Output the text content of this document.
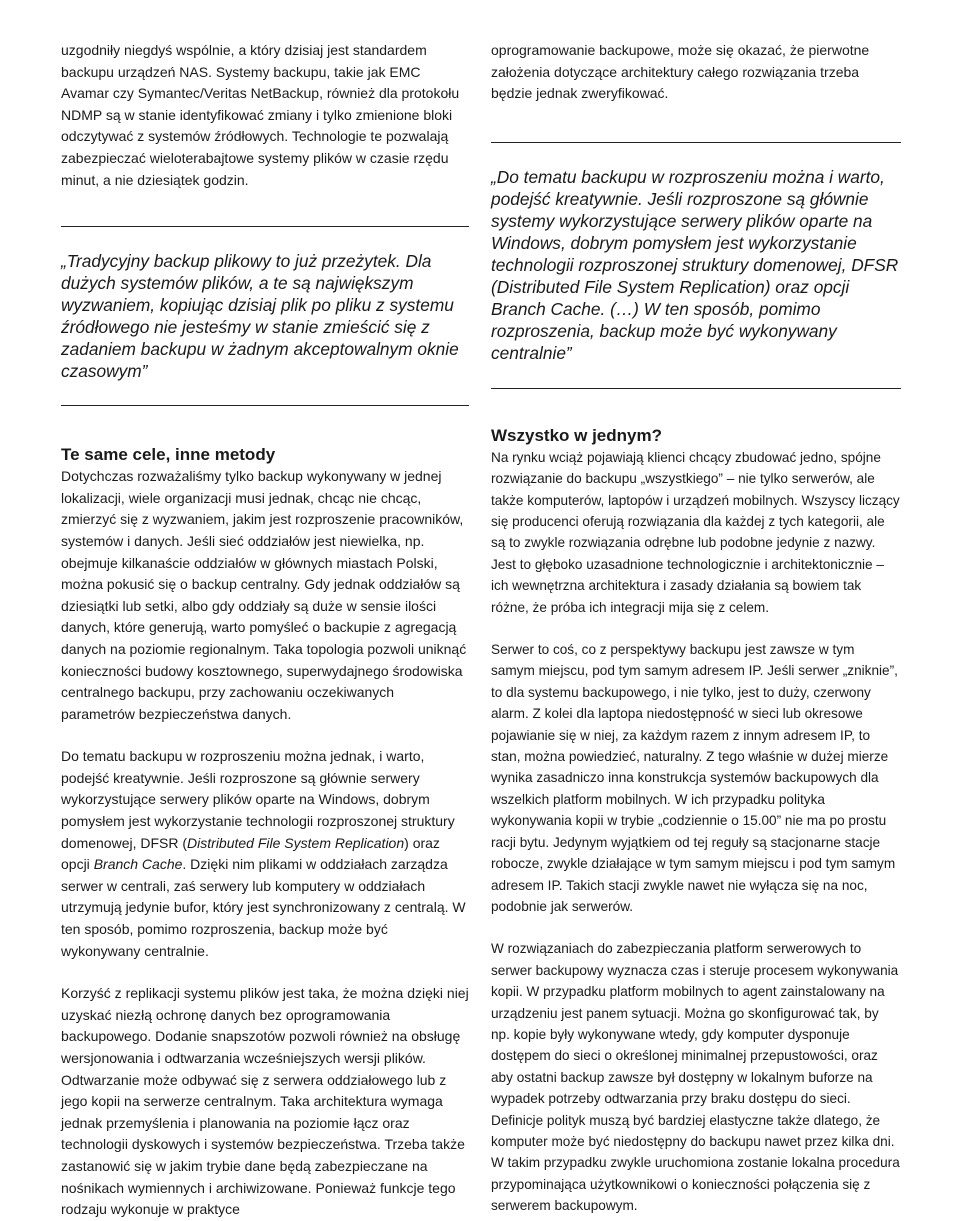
uzgodniły niegdyś wspólnie, a który dzisiaj jest standardem backupu urządzeń NAS. Systemy backupu, takie jak EMC Avamar czy Symantec/Veritas NetBackup, również dla protokołu NDMP są w stanie identyfikować zmiany i tylko zmienione bloki odczytywać z systemów źródłowych. Technologie te pozwalają zabezpieczać wieloterabajtowe systemy plików w czasie rzędu minut, a nie dziesiątek godzin.

„Tradycyjny backup plikowy to już przeżytek. Dla dużych systemów plików, a te są największym wyzwaniem, kopiując dzisiaj plik po pliku z systemu źródłowego nie jesteśmy w stanie zmieścić się z zadaniem backupu w żadnym akceptowalnym oknie czasowym”

Te same cele, inne metody

Dotychczas rozważaliśmy tylko backup wykonywany w jednej lokalizacji, wiele organizacji musi jednak, chcąc nie chcąc, zmierzyć się z wyzwaniem, jakim jest rozproszenie pracowników, systemów i danych. Jeśli sieć oddziałów jest niewielka, np. obejmuje kilkanaście oddziałów w głównych miastach Polski, można pokusić się o backup centralny. Gdy jednak oddziałów są dziesiątki lub setki, albo gdy oddziały są duże w sensie ilości danych, które generują, warto pomyśleć o backupie z agregacją danych na poziomie regionalnym. Taka topologia pozwoli uniknąć konieczności budowy kosztownego, superwydajnego środowiska centralnego backupu, przy zachowaniu oczekiwanych parametrów bezpieczeństwa danych.

Do tematu backupu w rozproszeniu można jednak, i warto, podejść kreatywnie. Jeśli rozproszone są głównie serwery wykorzystujące serwery plików oparte na Windows, dobrym pomysłem jest wykorzystanie technologii rozproszonej struktury domenowej, DFSR (Distributed File System Replication) oraz opcji Branch Cache. Dzięki nim plikami w oddziałach zarządza serwer w centrali, zaś serwery lub komputery w oddziałach utrzymują jedynie bufor, który jest synchronizowany z centralą. W ten sposób, pomimo rozproszenia, backup może być wykonywany centralnie.

Korzyść z replikacji systemu plików jest taka, że można dzięki niej uzyskać niezłą ochronę danych bez oprogramowania backupowego. Dodanie snapszotów pozwoli również na obsługę wersjonowania i odtwarzania wcześniejszych wersji plików. Odtwarzanie może odbywać się z serwera oddziałowego lub z jego kopii na serwerze centralnym. Taka architektura wymaga jednak przemyślenia i planowania na poziomie łącz oraz technologii dyskowych i systemów bezpieczeństwa. Trzeba także zastanowić się w jakim trybie dane będą zabezpieczane na nośnikach wymiennych i archiwizowane. Ponieważ funkcje tego rodzaju wykonuje w praktyce

oprogramowanie backupowe, może się okazać, że pierwotne założenia dotyczące architektury całego rozwiązania trzeba będzie jednak zweryfikować.

„Do tematu backupu w rozproszeniu można i warto, podejść kreatywnie. Jeśli rozproszone są głównie systemy wykorzystujące serwery plików oparte na Windows, dobrym pomysłem jest wykorzystanie technologii rozproszonej struktury domenowej, DFSR (Distributed File System Replication) oraz opcji Branch Cache. (…) W ten sposób, pomimo rozproszenia, backup może być wykonywany centralnie”

Wszystko w jednym?

Na rynku wciąż pojawiają klienci chcący zbudować jedno, spójne rozwiązanie do backupu „wszystkiego” – nie tylko serwerów, ale także komputerów, laptopów i urządzeń mobilnych. Wszyscy liczący się producenci oferują rozwiązania dla każdej z tych kategorii, ale są to zwykle rozwiązania odrębne lub podobne jedynie z nazwy. Jest to głęboko uzasadnione technologicznie i architektonicznie – ich wewnętrzna architektura i zasady działania są bowiem tak różne, że próba ich integracji mija się z celem.

Serwer to coś, co z perspektywy backupu jest zawsze w tym samym miejscu, pod tym samym adresem IP. Jeśli serwer „zniknie”, to dla systemu backupowego, i nie tylko, jest to duży, czerwony alarm. Z kolei dla laptopa niedostępność w sieci lub okresowe pojawianie się w niej, za każdym razem z innym adresem IP, to stan, można powiedzieć, naturalny. Z tego właśnie w dużej mierze wynika zasadniczo inna konstrukcja systemów backupowych dla wszelkich platform mobilnych. W ich przypadku polityka wykonywania kopii w trybie „codziennie o 15.00” nie ma po prostu racji bytu. Jedynym wyjątkiem od tej reguły są stacjonarne stacje robocze, zwykle działające w tym samym miejscu i pod tym samym adresem IP. Takich stacji zwykle nawet nie wyłącza się na noc, podobnie jak serwerów.

W rozwiązaniach do zabezpieczania platform serwerowych to serwer backupowy wyznacza czas i steruje procesem wykonywania kopii. W przypadku platform mobilnych to agent zainstalowany na urządzeniu jest panem sytuacji. Można go skonfigurować tak, by np. kopie były wykonywane wtedy, gdy komputer dysponuje dostępem do sieci o określonej minimalnej przepustowości, oraz aby ostatni backup zawsze był dostępny w lokalnym buforze na wypadek potrzeby odtwarzania przy braku dostępu do sieci. Definicje polityk muszą być bardziej elastyczne także dlatego, że komputer może być niedostępny do backupu nawet przez kilka dni. W takim przypadku zwykle uruchomiona zostanie lokalna procedura przypominająca użytkownikowi o konieczności połączenia się z serwerem backupowym.
